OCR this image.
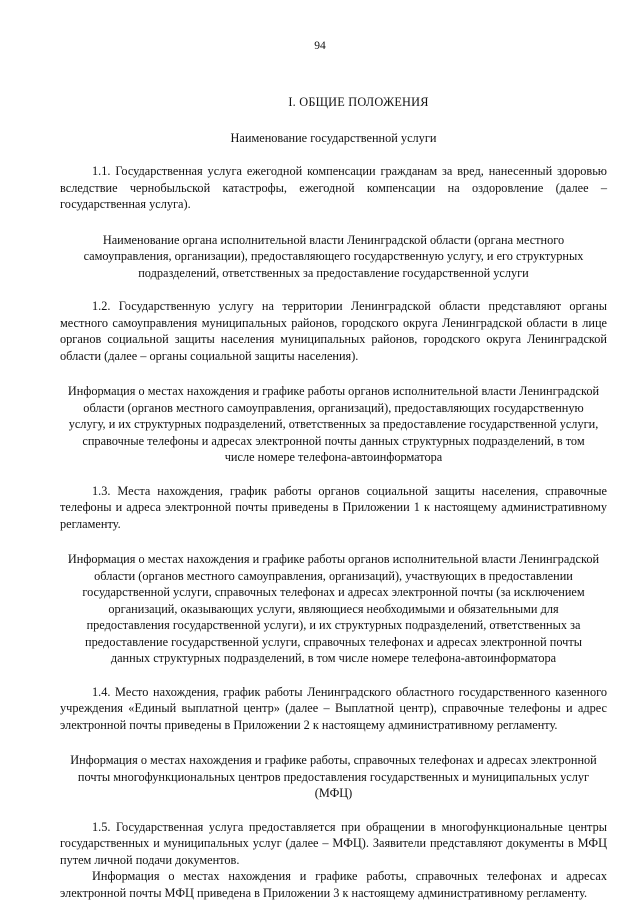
94

I. ОБЩИЕ ПОЛОЖЕНИЯ

Наименование государственной услуги

1.1. Государственная услуга ежегодной компенсации гражданам за вред, нанесенный здоровью вследствие чернобыльской катастрофы, ежегодной компенсации на оздоровление (далее – государственная услуга).

Наименование органа исполнительной власти Ленинградской области (органа местного самоуправления, организации), предоставляющего государственную услугу, и его структурных подразделений, ответственных за предоставление государственной услуги

1.2. Государственную услугу на территории Ленинградской области представляют органы местного самоуправления муниципальных районов, городского округа Ленинградской области в лице органов социальной защиты населения муниципальных районов, городского округа Ленинградской области (далее – органы социальной защиты населения).

Информация о местах нахождения и графике работы органов исполнительной власти Ленинградской области (органов местного самоуправления, организаций), предоставляющих государственную услугу, и их структурных подразделений, ответственных за предоставление государственной услуги, справочные телефоны и адресах электронной почты данных структурных подразделений, в том числе номере телефона-автоинформатора

1.3. Места нахождения, график работы органов социальной защиты населения, справочные телефоны и адреса электронной почты приведены в Приложении 1 к настоящему административному регламенту.

Информация о местах нахождения и графике работы органов исполнительной власти Ленинградской области (органов местного самоуправления, организаций), участвующих в предоставлении государственной услуги, справочных телефонах и адресах электронной почты (за исключением организаций, оказывающих услуги, являющиеся необходимыми и обязательными для предоставления государственной услуги), и их структурных подразделений, ответственных за предоставление государственной услуги, справочных телефонах и адресах электронной почты данных структурных подразделений, в том числе номере телефона-автоинформатора

1.4. Место нахождения, график работы Ленинградского областного государственного казенного учреждения «Единый выплатной центр» (далее – Выплатной центр), справочные телефоны и адрес электронной почты приведены в Приложении 2 к настоящему административному регламенту.

Информация о местах нахождения и графике работы, справочных телефонах и адресах электронной почты многофункциональных центров предоставления государственных и муниципальных услуг (МФЦ)

1.5. Государственная услуга предоставляется при обращении в многофункциональные центры государственных и муниципальных услуг (далее – МФЦ). Заявители представляют документы в МФЦ путем личной подачи документов.

Информация о местах нахождения и графике работы, справочных телефонах и адресах электронной почты МФЦ приведена в Приложении 3 к настоящему административному регламенту.
